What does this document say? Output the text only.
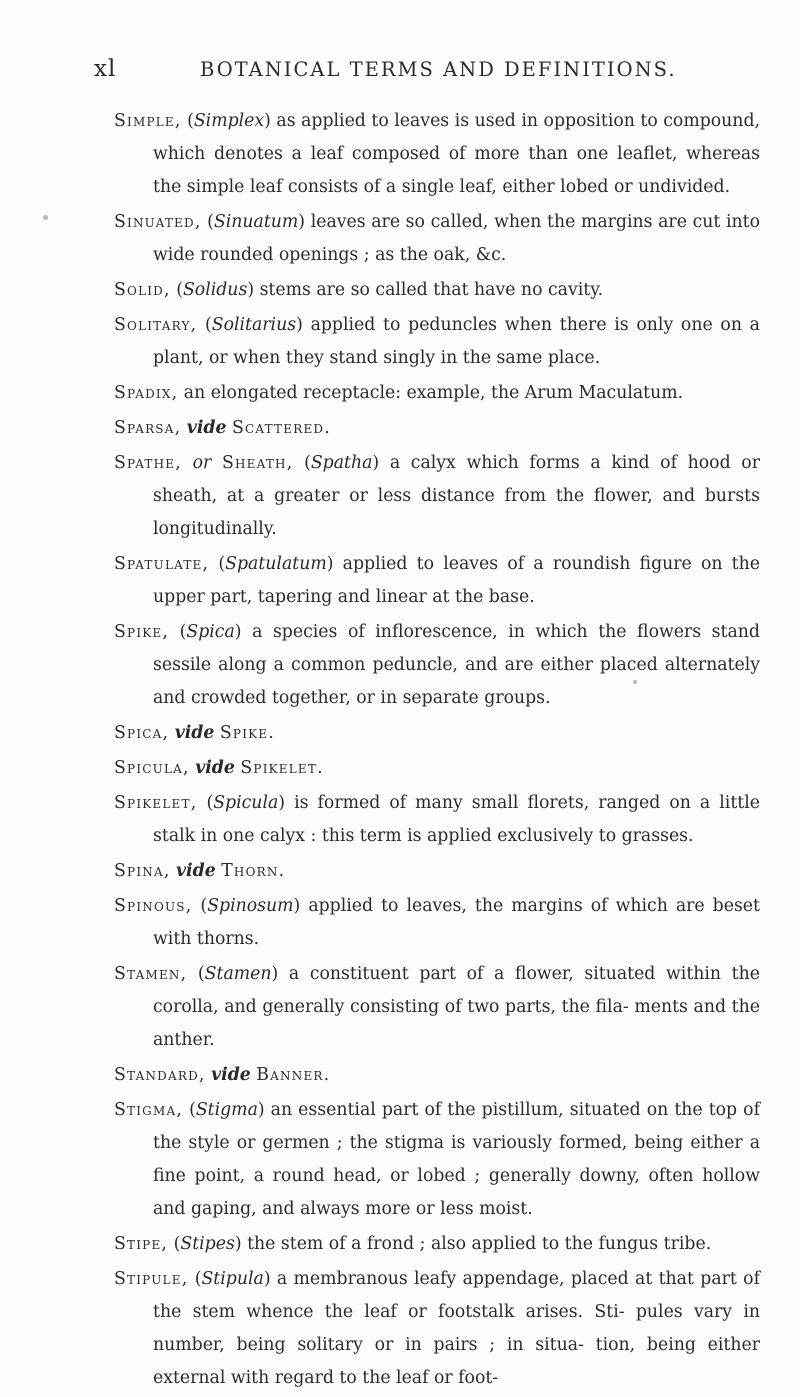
xl	BOTANICAL TERMS AND DEFINITIONS.

Simple, (Simplex) as applied to leaves is used in opposition to compound, which denotes a leaf composed of more than one leaflet, whereas the simple leaf consists of a single leaf, either lobed or undivided.

Sinuated, (Sinuatum) leaves are so called, when the margins are cut into wide rounded openings ; as the oak, &c.

Solid, (Solidus) stems are so called that have no cavity.

Solitary, (Solitarius) applied to peduncles when there is only one on a plant, or when they stand singly in the same place.

Spadix, an elongated receptacle: example, the Arum Maculatum.

Sparsa, vide Scattered.

Spathe, or Sheath, (Spatha) a calyx which forms a kind of hood or sheath, at a greater or less distance from the flower, and bursts longitudinally.

Spatulate, (Spatulatum) applied to leaves of a roundish figure on the upper part, tapering and linear at the base.

Spike, (Spica) a species of inflorescence, in which the flowers stand sessile along a common peduncle, and are either placed alternately and crowded together, or in separate groups.

Spica, vide Spike.

Spicula, vide Spikelet.

Spikelet, (Spicula) is formed of many small florets, ranged on a little stalk in one calyx : this term is applied exclusively to grasses.

Spina, vide Thorn.

Spinous, (Spinosum) applied to leaves, the margins of which are beset with thorns.

Stamen, (Stamen) a constituent part of a flower, situated within the corolla, and generally consisting of two parts, the fila- ments and the anther.

Standard, vide Banner.

Stigma, (Stigma) an essential part of the pistillum, situated on the top of the style or germen ; the stigma is variously formed, being either a fine point, a round head, or lobed ; generally downy, often hollow and gaping, and always more or less moist.

Stipe, (Stipes) the stem of a frond ; also applied to the fungus tribe.

Stipule, (Stipula) a membranous leafy appendage, placed at that part of the stem whence the leaf or footstalk arises. Sti- pules vary in number, being solitary or in pairs ; in situa- tion, being either external with regard to the leaf or foot-
